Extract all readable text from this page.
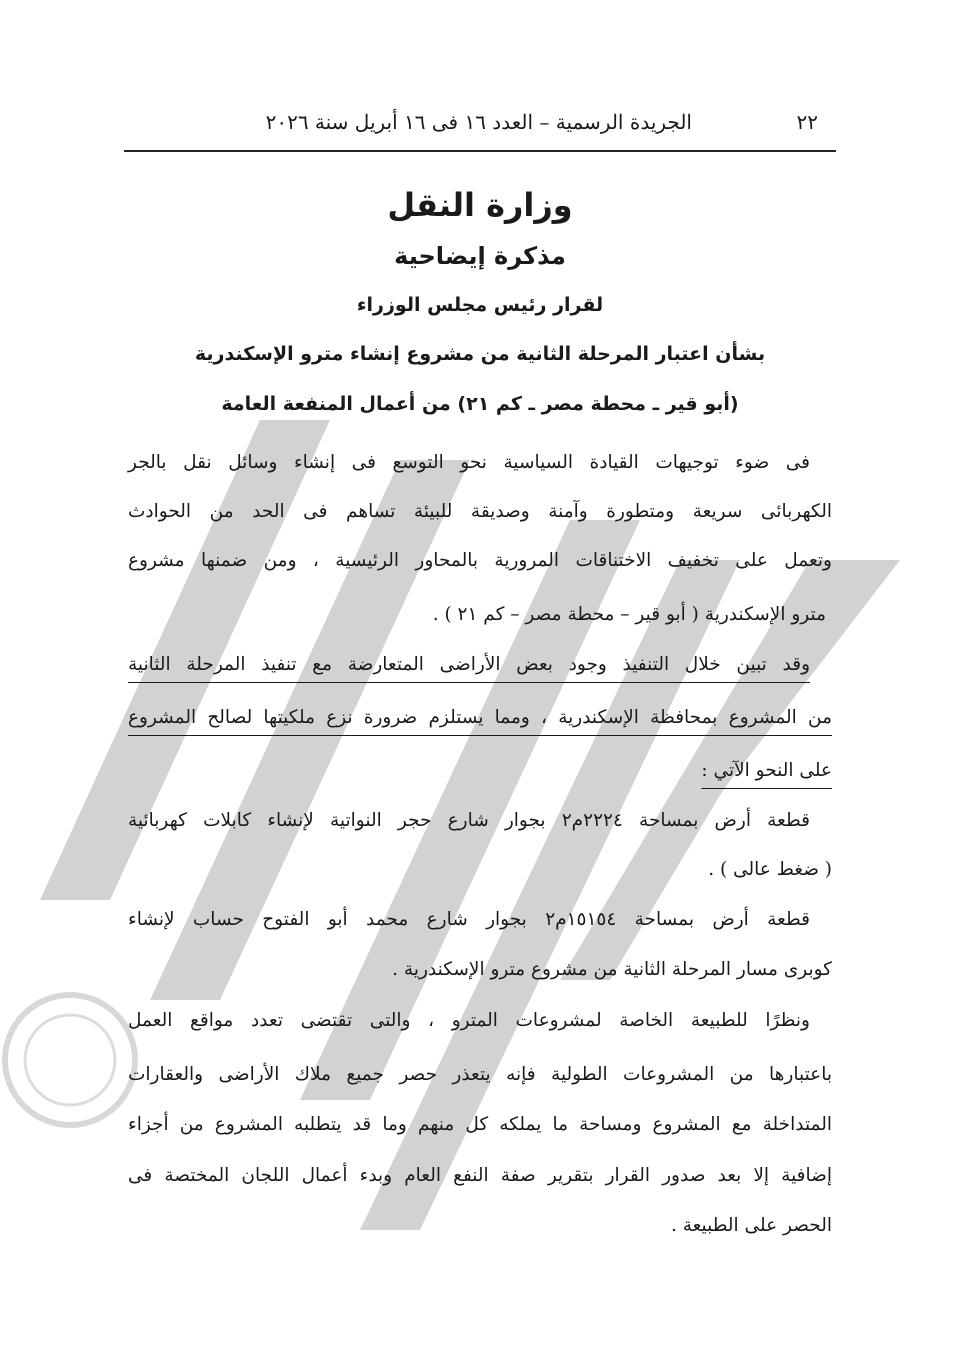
٢٢
الجريدة الرسمية – العدد ١٦ فى ١٦ أبريل سنة ٢٠٢٦
وزارة النقل
مذكرة إيضاحية
لقرار رئيس مجلس الوزراء
بشأن اعتبار المرحلة الثانية من مشروع إنشاء مترو الإسكندرية
(أبو قير ـ محطة مصر ـ كم ٢١) من أعمال المنفعة العامة
فى ضوء توجيهات القيادة السياسية نحو التوسع فى إنشاء وسائل نقل بالجر
الكهربائى سريعة ومتطورة وآمنة وصديقة للبيئة تساهم فى الحد من الحوادث
وتعمل على تخفيف الاختناقات المرورية بالمحاور الرئيسية ، ومن ضمنها مشروع
مترو الإسكندرية ( أبو قير – محطة مصر – كم ٢١ ) .
وقد تبين خلال التنفيذ وجود بعض الأراضى المتعارضة مع تنفيذ المرحلة الثانية
من المشروع بمحافظة الإسكندرية ، ومما يستلزم ضرورة نزع ملكيتها لصالح المشروع
على النحو الآتي :
قطعة أرض بمساحة ٢٢٢٤م٢ بجوار شارع حجر النواتية لإنشاء كابلات كهربائية
( ضغط عالى ) .
قطعة أرض بمساحة ١٥١٥٤م٢ بجوار شارع محمد أبو الفتوح حساب لإنشاء
كوبرى مسار المرحلة الثانية من مشروع مترو الإسكندرية .
ونظرًا للطبيعة الخاصة لمشروعات المترو ، والتى تقتضى تعدد مواقع العمل
باعتبارها من المشروعات الطولية فإنه يتعذر حصر جميع ملاك الأراضى والعقارات
المتداخلة مع المشروع ومساحة ما يملكه كل منهم وما قد يتطلبه المشروع من أجزاء
إضافية إلا بعد صدور القرار بتقرير صفة النفع العام وبدء أعمال اللجان المختصة فى
الحصر على الطبيعة .
